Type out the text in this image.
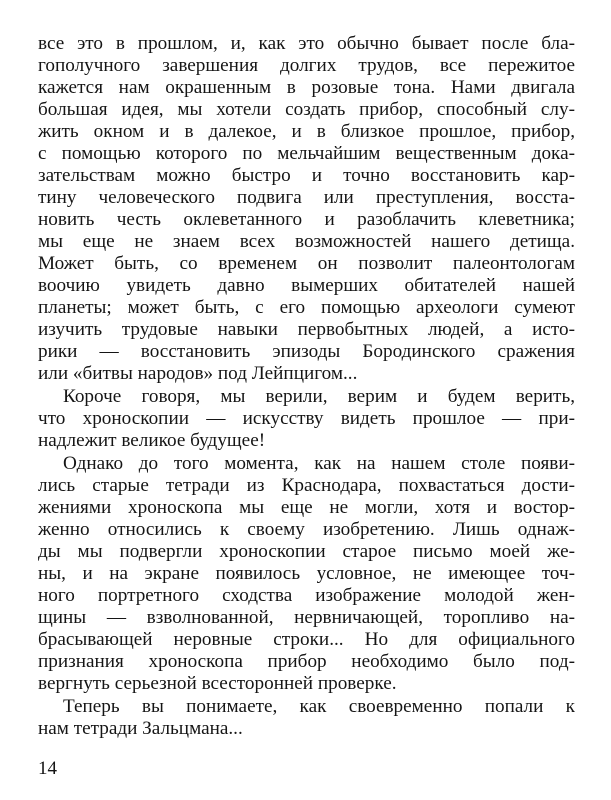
все это в прошлом, и, как это обычно бывает после бла-
гополучного завершения долгих трудов, все пережитое
кажется нам окрашенным в розовые тона. Нами двигала
большая идея, мы хотели создать прибор, способный слу-
жить окном и в далекое, и в близкое прошлое, прибор,
с помощью которого по мельчайшим вещественным дока-
зательствам можно быстро и точно восстановить кар-
тину человеческого подвига или преступления, восста-
новить честь оклеветанного и разоблачить клеветника;
мы еще не знаем всех возможностей нашего детища.
Может быть, со временем он позволит палеонтологам
воочию увидеть давно вымерших обитателей нашей
планеты; может быть, с его помощью археологи сумеют
изучить трудовые навыки первобытных людей, а исто-
рики — восстановить эпизоды Бородинского сражения
или «битвы народов» под Лейпцигом...
Короче говоря, мы верили, верим и будем верить,
что хроноскопии — искусству видеть прошлое — при-
надлежит великое будущее!
Однако до того момента, как на нашем столе появи-
лись старые тетради из Краснодара, похвастаться дости-
жениями хроноскопа мы еще не могли, хотя и востор-
женно относились к своему изобретению. Лишь однаж-
ды мы подвергли хроноскопии старое письмо моей же-
ны, и на экране появилось условное, не имеющее точ-
ного портретного сходства изображение молодой жен-
щины — взволнованной, нервничающей, торопливо на-
брасывающей неровные строки... Но для официального
признания хроноскопа прибор необходимо было под-
вергнуть серьезной всесторонней проверке.
Теперь вы понимаете, как своевременно попали к
нам тетради Зальцмана...
14
